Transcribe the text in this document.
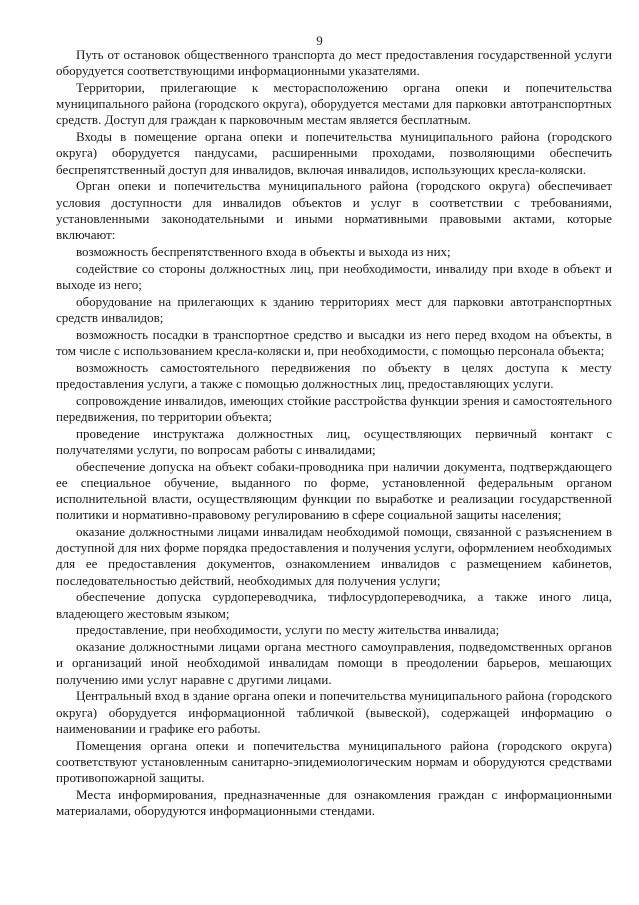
9

Путь от остановок общественного транспорта до мест предоставления государственной услуги оборудуется соответствующими информационными указателями.

Территории, прилегающие к месторасположению органа опеки и попечительства муниципального района (городского округа), оборудуется местами для парковки автотранспортных средств. Доступ для граждан к парковочным местам является бесплатным.

Входы в помещение органа опеки и попечительства муниципального района (городского округа) оборудуется пандусами, расширенными проходами, позволяющими обеспечить беспрепятственный доступ для инвалидов, включая инвалидов, использующих кресла-коляски.

Орган опеки и попечительства муниципального района (городского округа) обеспечивает условия доступности для инвалидов объектов и услуг в соответствии с требованиями, установленными законодательными и иными нормативными правовыми актами, которые включают:

возможность беспрепятственного входа в объекты и выхода из них;

содействие со стороны должностных лиц, при необходимости, инвалиду при входе в объект и выходе из него;

оборудование на прилегающих к зданию территориях мест для парковки автотранспортных средств инвалидов;

возможность посадки в транспортное средство и высадки из него перед входом на объекты, в том числе с использованием кресла-коляски и, при необходимости, с помощью персонала объекта;

возможность самостоятельного передвижения по объекту в целях доступа к месту предоставления услуги, а также с помощью должностных лиц, предоставляющих услуги.

сопровождение инвалидов, имеющих стойкие расстройства функции зрения и самостоятельного передвижения, по территории объекта;

проведение инструктажа должностных лиц, осуществляющих первичный контакт с получателями услуги, по вопросам работы с инвалидами;

обеспечение допуска на объект собаки-проводника при наличии документа, подтверждающего ее специальное обучение, выданного по форме, установленной федеральным органом исполнительной власти, осуществляющим функции по выработке и реализации государственной политики и нормативно-правовому регулированию в сфере социальной защиты населения;

оказание должностными лицами инвалидам необходимой помощи, связанной с разъяснением в доступной для них форме порядка предоставления и получения услуги, оформлением необходимых для ее предоставления документов, ознакомлением инвалидов с размещением кабинетов, последовательностью действий, необходимых для получения услуги;

обеспечение допуска сурдопереводчика, тифлосурдопереводчика, а также иного лица, владеющего жестовым языком;

предоставление, при необходимости, услуги по месту жительства инвалида;

оказание должностными лицами органа местного самоуправления, подведомственных органов и организаций иной необходимой инвалидам помощи в преодолении барьеров, мешающих получению ими услуг наравне с другими лицами.

Центральный вход в здание органа опеки и попечительства муниципального района (городского округа) оборудуется информационной табличкой (вывеской), содержащей информацию о наименовании и графике его работы.

Помещения органа опеки и попечительства муниципального района (городского округа) соответствуют установленным санитарно-эпидемиологическим нормам и оборудуются средствами противопожарной защиты.

Места информирования, предназначенные для ознакомления граждан с информационными материалами, оборудуются информационными стендами.
